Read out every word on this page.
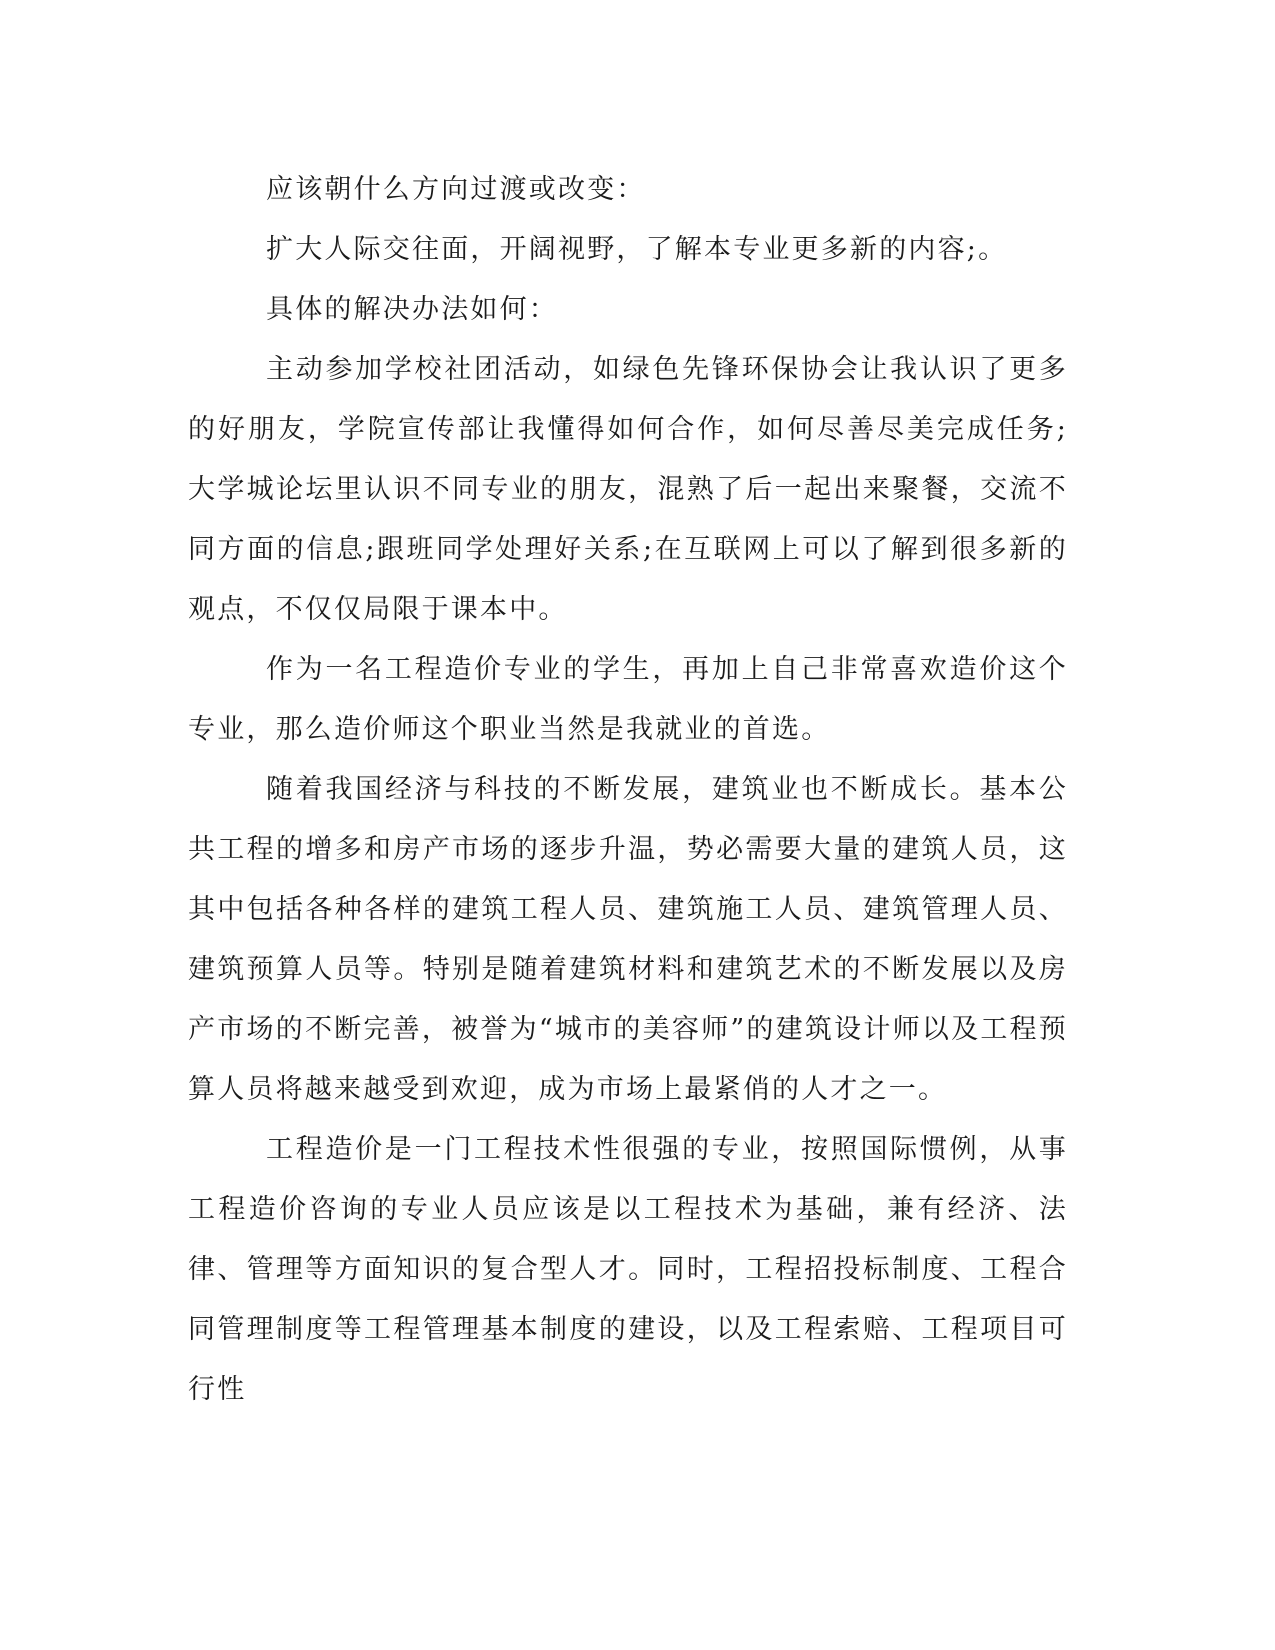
应该朝什么方向过渡或改变：

扩大人际交往面，开阔视野，了解本专业更多新的内容;。

具体的解决办法如何：

主动参加学校社团活动，如绿色先锋环保协会让我认识了更多的好朋友，学院宣传部让我懂得如何合作，如何尽善尽美完成任务;大学城论坛里认识不同专业的朋友，混熟了后一起出来聚餐，交流不同方面的信息;跟班同学处理好关系;在互联网上可以了解到很多新的观点，不仅仅局限于课本中。

作为一名工程造价专业的学生，再加上自己非常喜欢造价这个专业，那么造价师这个职业当然是我就业的首选。

随着我国经济与科技的不断发展，建筑业也不断成长。基本公共工程的增多和房产市场的逐步升温，势必需要大量的建筑人员，这其中包括各种各样的建筑工程人员、建筑施工人员、建筑管理人员、建筑预算人员等。特别是随着建筑材料和建筑艺术的不断发展以及房产市场的不断完善，被誉为“城市的美容师”的建筑设计师以及工程预算人员将越来越受到欢迎，成为市场上最紧俏的人才之一。

工程造价是一门工程技术性很强的专业，按照国际惯例，从事工程造价咨询的专业人员应该是以工程技术为基础，兼有经济、法律、管理等方面知识的复合型人才。同时，工程招投标制度、工程合同管理制度等工程管理基本制度的建设，以及工程索赔、工程项目可行性
